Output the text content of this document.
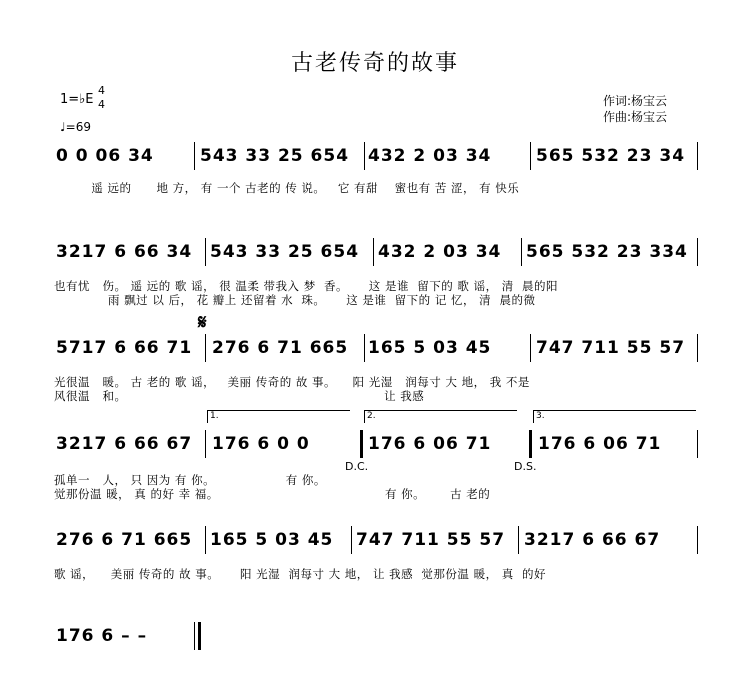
古老传奇的故事
1=♭E
4
4
♩=69
作词:杨宝云
作曲:杨宝云
0 0 06 34	543 33 25 654	432 2 03 34	565 532 23 34
遥 远的      地 方， 有 一个 古老的 传 说。   它 有甜    蜜也有 苦 涩， 有 快乐
3217 6 66 34	543 33 25 654	432 2 03 34	565 532 23 334
也有忧   伤。 遥 远的 歌 谣， 很 温柔 带我入 梦  香。     这 是谁  留下的 歌 谣， 清  晨的阳
雨 飘过 以 后， 花 瓣上 还留着 水  珠。     这 是谁  留下的 记 忆， 清  晨的微
𝄋
5717 6 66 71	276 6 71 665	165 5 03 45	747 711 55 57
光很温   暖。 古 老的 歌 谣，   美丽 传奇的 故 事。    阳 光湿   润每寸 大 地， 我 不是
风很温   和。                                                              让 我感
1.	2.	3.
3217 6 66 67	176 6 0 0	176 6 06 71	176 6 06 71
D.C.	D.S.
孤单一   人， 只 因为 有 你。                 有 你。
觉那份温 暖， 真 的好 幸 福。                                        有 你。      古 老的
276 6 71 665	165 5 03 45	747 711 55 57	3217 6 66 67
歌 谣，    美丽 传奇的 故 事。     阳 光湿  润每寸 大 地， 让 我感  觉那份温 暖， 真  的好
176 6 – –
